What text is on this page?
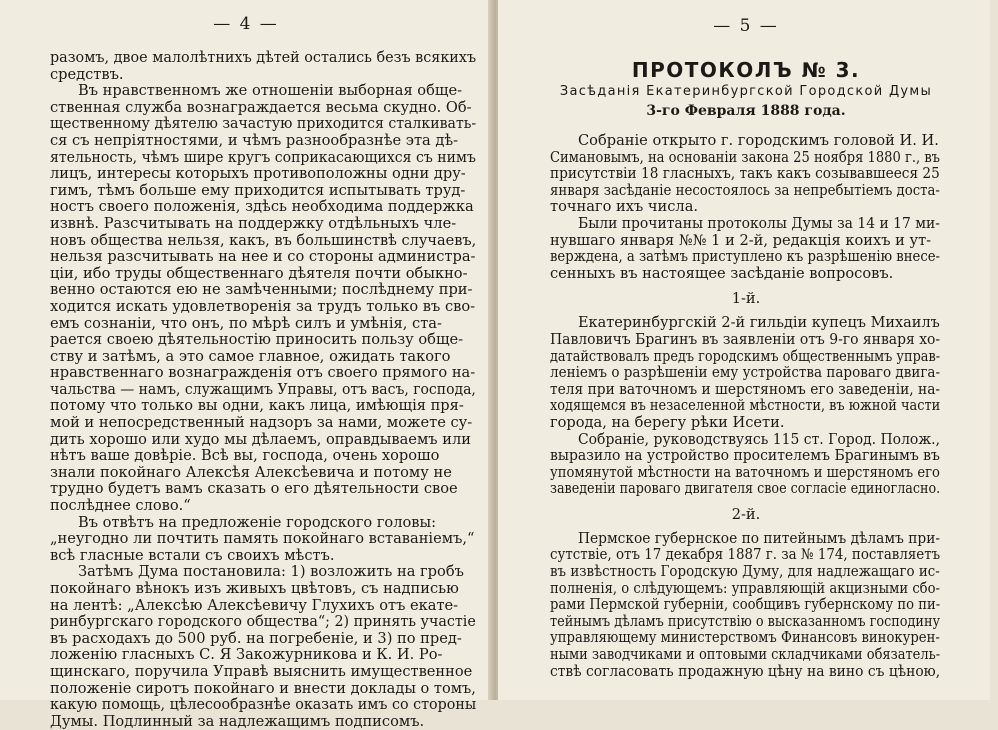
— 4 —

разомъ, двое малолѣтнихъ дѣтей остались безъ всякихъ
средствъ.
Въ нравственномъ же отношеніи выборная обще-
ственная служба вознаграждается весьма скудно. Об-
щественному дѣятелю зачастую приходится сталкивать-
ся съ непріятностями, и чѣмъ разнообразнѣе эта дѣ-
ятельность, чѣмъ шире кругъ соприкасающихся съ нимъ
лицъ, интересы которыхъ противоположны одни дру-
гимъ, тѣмъ больше ему приходится испытывать труд-
ностъ своего положенія, здѣсь необходима поддержка
извнѣ. Разсчитывать на поддержку отдѣльныхъ чле-
новъ общества нельзя, какъ, въ большинствѣ случаевъ,
нельзя разсчитывать на нее и со стороны администра-
ціи, ибо труды общественнаго дѣятеля почти обыкно-
венно остаются ею не замѣченными; послѣднему при-
ходится искать удовлетворенія за трудъ только въ сво-
емъ сознаніи, что онъ, по мѣрѣ силъ и умѣнія, ста-
рается своею дѣятельностію приносить пользу обще-
ству и затѣмъ, а это самое главное, ожидать такого
нравственнаго вознагражденія отъ своего прямого на-
чальства — намъ, служащимъ Управы, отъ васъ, господа,
потому что только вы одни, какъ лица, имѣющія пря-
мой и непосредственный надзоръ за нами, можете су-
дить хорошо или худо мы дѣлаемъ, оправдываемъ или
нѣтъ ваше довѣріе. Всѣ вы, господа, очень хорошо
знали покойнаго Алексѣя Алексѣевича и потому не
трудно будетъ вамъ сказать о его дѣятельности свое
послѣднее слово.“
Въ отвѣтъ на предложеніе городского головы:
„неугодно ли почтить память покойнаго вставаніемъ,“
всѣ гласные встали съ своихъ мѣстъ.
Затѣмъ Дума постановила: 1) возложить на гробъ
покойнаго вѣнокъ изъ живыхъ цвѣтовъ, съ надписью
на лентѣ: „Алексѣю Алексѣевичу Глухихъ отъ екате-
ринбургскаго городского общества“; 2) принять участіе
въ расходахъ до 500 руб. на погребеніе, и 3) по пред-
ложенію гласныхъ С. Я Закожурникова и К. И. Ро-
щинскаго, поручила Управѣ выяснить имущественное
положеніе сиротъ покойнаго и внести доклады о томъ,
какую помощь, цѣлесообразнѣе оказать имъ со стороны
Думы. Подлинный за надлежащимъ подписомъ.

— 5 —

ПРОТОКОЛЪ № 3.

Засѣданія Екатеринбургской Городской Думы

3-го Февраля 1888 года.

Собраніе открыто г. городскимъ головой И. И.
Симановымъ, на основаніи закона 25 ноября 1880 г., въ
присутствіи 18 гласныхъ, такъ какъ созывавшееся 25
января засѣданіе несостоялось за непребытіемъ доста-
точнаго ихъ числа.
Были прочитаны протоколы Думы за 14 и 17 ми-
нувшаго января №№ 1 и 2-й, редакція коихъ и ут-
верждена, а затѣмъ приступлено къ разрѣшенію внесе-
сенныхъ въ настоящее засѣданіе вопросовъ.

1-й.

Екатеринбургскій 2-й гильдіи купецъ Михаилъ
Павловичъ Брагинъ въ заявленіи отъ 9-го января хо-
датайствовалъ предъ городскимъ общественнымъ управ-
леніемъ о разрѣшеніи ему устройства пароваго двига-
теля при ваточномъ и шерстяномъ его заведеніи, на-
ходящемся въ незаселенной мѣстности, въ южной части
города, на берегу рѣки Исети.
Собраніе, руководствуясь 115 ст. Город. Полож.,
выразило на устройство просителемъ Брагинымъ въ
упомянутой мѣстности на ваточномъ и шерстяномъ его
заведеніи пароваго двигателя свое согласіе единогласно.

2-й.

Пермское губернское по питейнымъ дѣламъ при-
сутствіе, отъ 17 декабря 1887 г. за № 174, поставляетъ
въ извѣстность Городскую Думу, для надлежащаго ис-
полненія, о слѣдующемъ: управляющій акцизными сбо-
рами Пермской губерніи, сообщивъ губернскому по пи-
тейнымъ дѣламъ присутствію о высказанномъ господину
управляющему министерствомъ Финансовъ винокурен-
ными заводчиками и оптовыми складчиками обязатель-
ствѣ согласовать продажную цѣну на вино съ цѣною,
